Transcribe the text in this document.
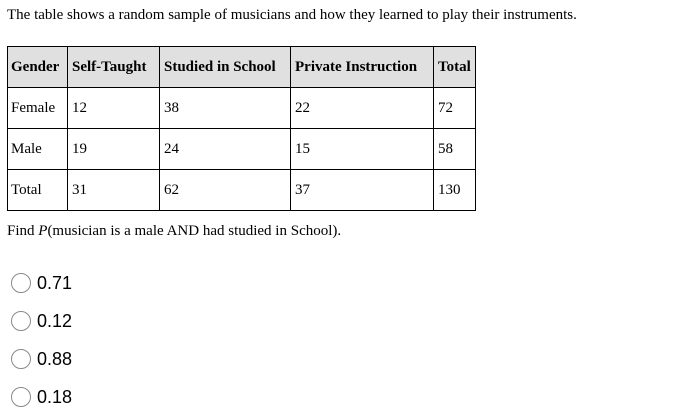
The table shows a random sample of musicians and how they learned to play their instruments.
Gender	Self-Taught	Studied in School	Private Instruction	Total
Female	12	38	22	72
Male	19	24	15	58
Total	31	62	37	130
Find P(musician is a male AND had studied in School).
0.71
0.12
0.88
0.18
